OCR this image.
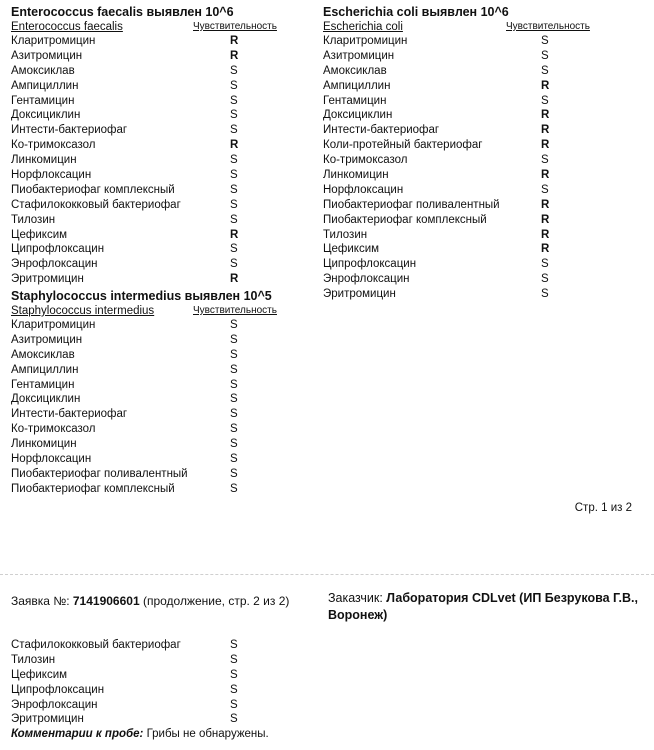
Enterococcus faecalis выявлен 10^6
Enterococcus faecalis	Чувствительность
Кларитромицин	R
Азитромицин	R
Амоксиклав	S
Ампициллин	S
Гентамицин	S
Доксициклин	S
Интести-бактериофаг	S
Ко-тримоксазол	R
Линкомицин	S
Норфлоксацин	S
Пиобактериофаг комплексный	S
Стафилококковый бактериофаг	S
Тилозин	S
Цефиксим	R
Ципрофлоксацин	S
Энрофлоксацин	S
Эритромицин	R
Escherichia coli выявлен 10^6
Escherichia coli	Чувствительность
Кларитромицин	S
Азитромицин	S
Амоксиклав	S
Ампициллин	R
Гентамицин	S
Доксициклин	R
Интести-бактериофаг	R
Коли-протейный бактериофаг	R
Ко-тримоксазол	S
Линкомицин	R
Норфлоксацин	S
Пиобактериофаг поливалентный	R
Пиобактериофаг комплексный	R
Тилозин	R
Цефиксим	R
Ципрофлоксацин	S
Энрофлоксацин	S
Эритромицин	S
Staphylococcus intermedius выявлен 10^5
Staphylococcus intermedius	Чувствительность
Кларитромицин	S
Азитромицин	S
Амоксиклав	S
Ампициллин	S
Гентамицин	S
Доксициклин	S
Интести-бактериофаг	S
Ко-тримоксазол	S
Линкомицин	S
Норфлоксацин	S
Пиобактериофаг поливалентный	S
Пиобактериофаг комплексный	S
Стр. 1 из 2
Заявка №: 7141906601 (продолжение, стр. 2 из 2)	Заказчик: Лаборатория CDLvet (ИП Безрукова Г.В., Воронеж)
Стафилококковый бактериофаг	S
Тилозин	S
Цефиксим	S
Ципрофлоксацин	S
Энрофлоксацин	S
Эритромицин	S
Комментарии к пробе: Грибы не обнаружены.
